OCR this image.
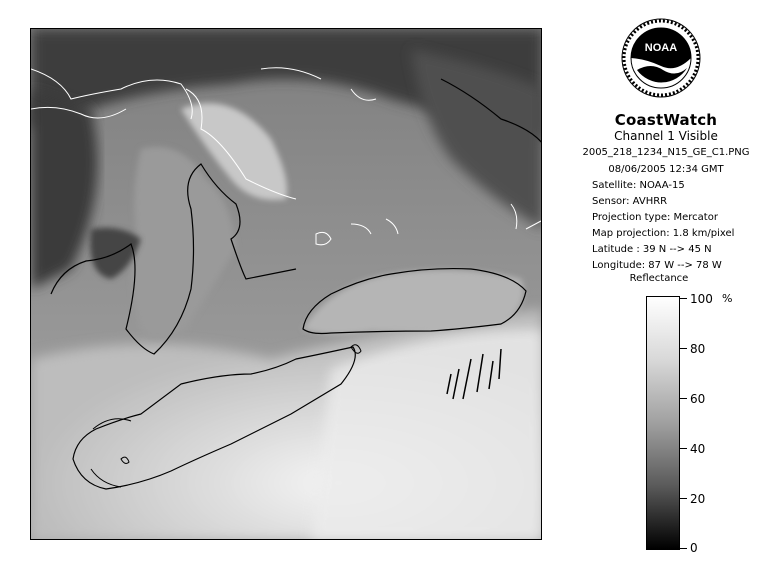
NOAA
CoastWatch
Channel 1 Visible
2005_218_1234_N15_GE_C1.PNG
08/06/2005 12:34 GMT
Satellite: NOAA-15
Sensor: AVHRR
Projection type: Mercator
Map projection: 1.8 km/pixel
Latitude : 39 N --> 45 N
Longitude: 87 W --> 78 W
Reflectance
%
100
80
60
40
20
0
